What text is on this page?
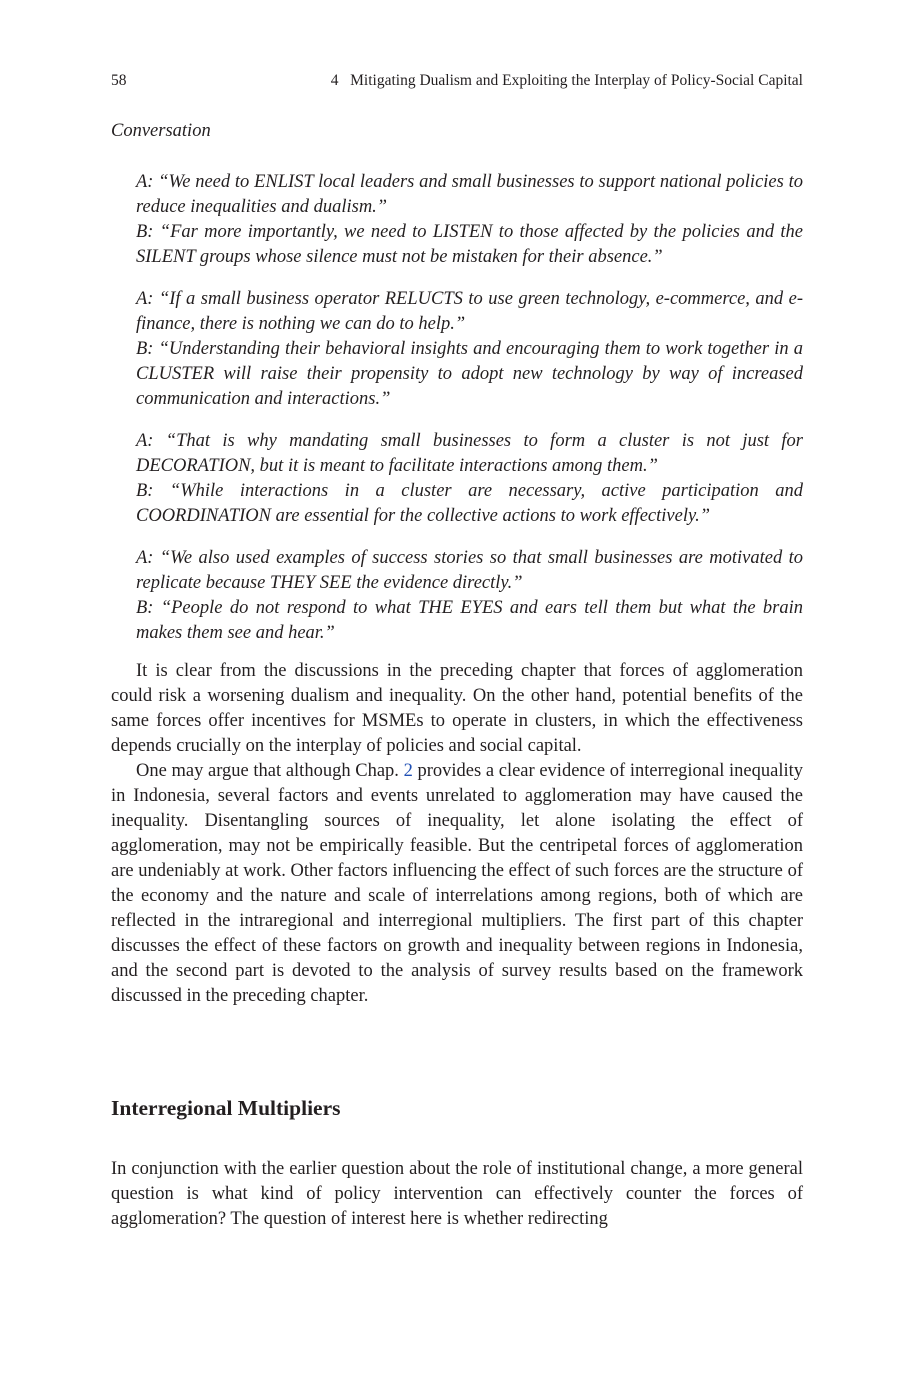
58	4   Mitigating Dualism and Exploiting the Interplay of Policy-Social Capital
Conversation

A: “We need to ENLIST local leaders and small businesses to support national policies to reduce inequalities and dualism.”

B: “Far more importantly, we need to LISTEN to those affected by the policies and the SILENT groups whose silence must not be mistaken for their absence.”

A: “If a small business operator RELUCTS to use green technology, e-commerce, and e-finance, there is nothing we can do to help.”

B: “Understanding their behavioral insights and encouraging them to work together in a CLUSTER will raise their propensity to adopt new technology by way of increased communication and interactions.”

A: “That is why mandating small businesses to form a cluster is not just for DECORATION, but it is meant to facilitate interactions among them.”

B: “While interactions in a cluster are necessary, active participation and COORDINATION are essential for the collective actions to work effectively.”

A: “We also used examples of success stories so that small businesses are motivated to replicate because THEY SEE the evidence directly.”

B: “People do not respond to what THE EYES and ears tell them but what the brain makes them see and hear.”

It is clear from the discussions in the preceding chapter that forces of agglomeration could risk a worsening dualism and inequality. On the other hand, potential benefits of the same forces offer incentives for MSMEs to operate in clusters, in which the effectiveness depends crucially on the interplay of policies and social capital.

One may argue that although Chap. 2 provides a clear evidence of interregional inequality in Indonesia, several factors and events unrelated to agglomeration may have caused the inequality. Disentangling sources of inequality, let alone isolating the effect of agglomeration, may not be empirically feasible. But the centripetal forces of agglomeration are undeniably at work. Other factors influencing the effect of such forces are the structure of the economy and the nature and scale of interrelations among regions, both of which are reflected in the intraregional and interregional multipliers. The first part of this chapter discusses the effect of these factors on growth and inequality between regions in Indonesia, and the second part is devoted to the analysis of survey results based on the framework discussed in the preceding chapter.

Interregional Multipliers

In conjunction with the earlier question about the role of institutional change, a more general question is what kind of policy intervention can effectively counter the forces of agglomeration? The question of interest here is whether redirecting
